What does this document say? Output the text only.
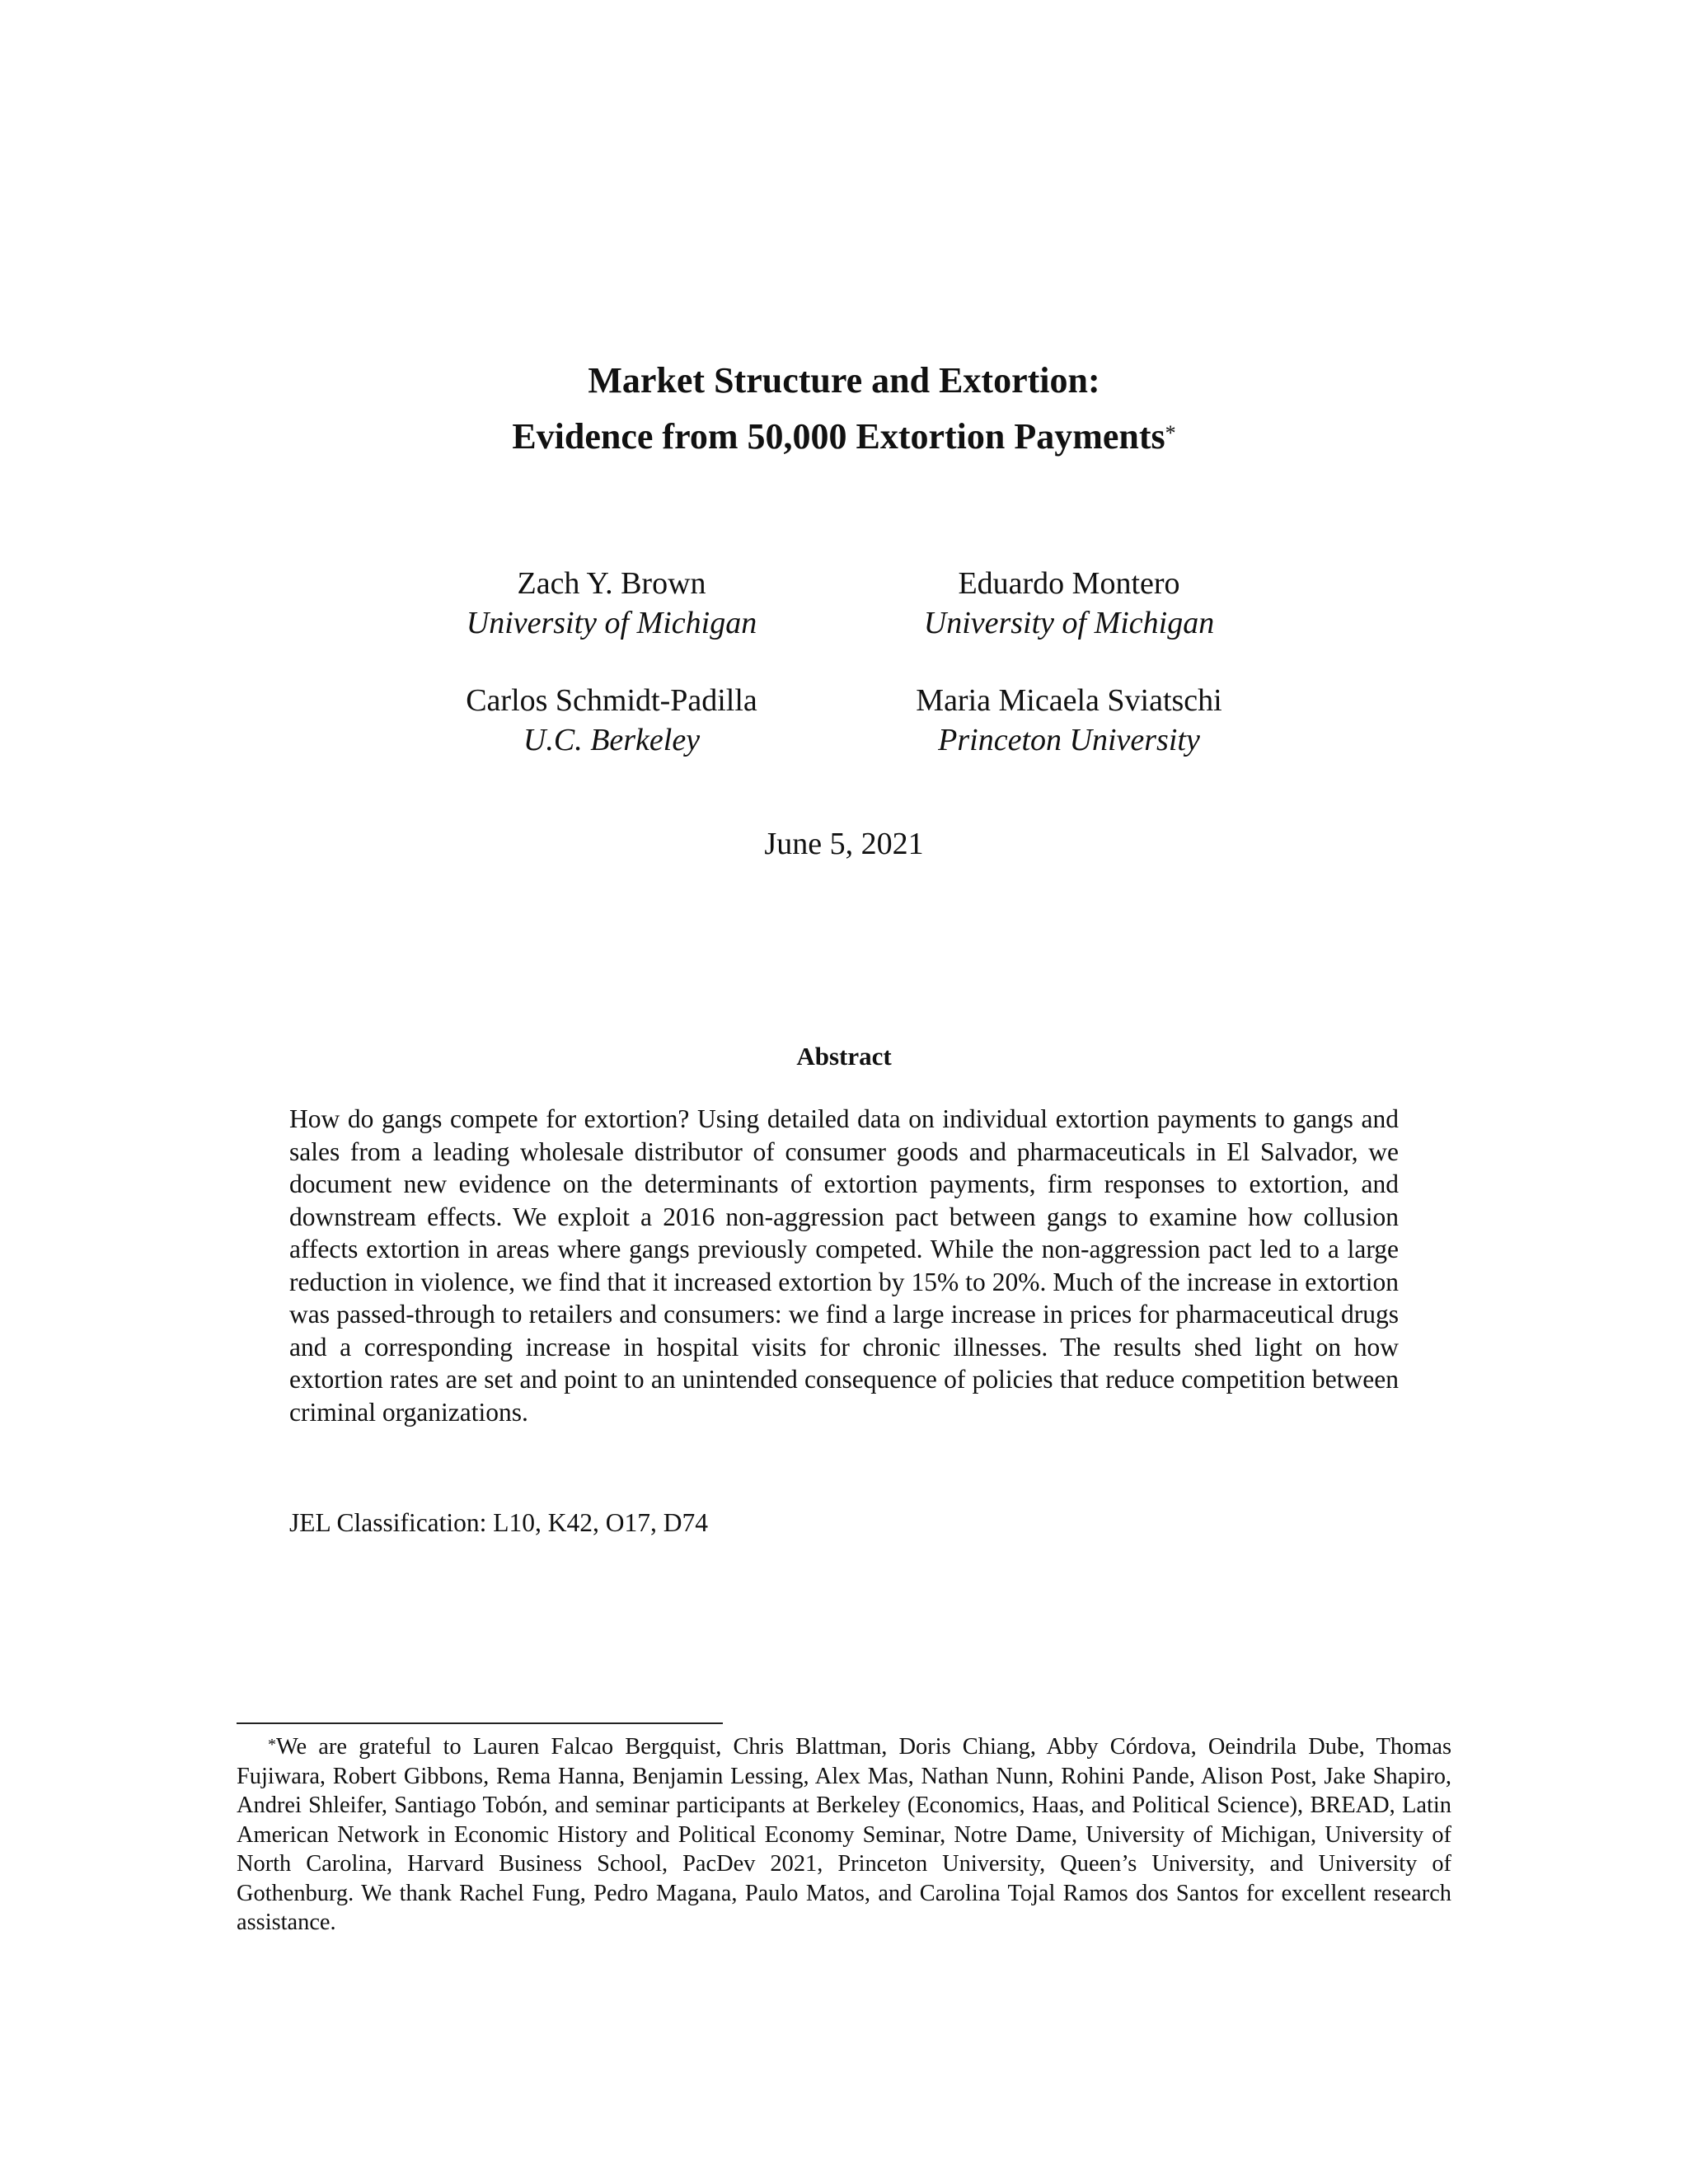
Market Structure and Extortion:
Evidence from 50,000 Extortion Payments*
Zach Y. Brown
University of Michigan
Eduardo Montero
University of Michigan
Carlos Schmidt-Padilla
U.C. Berkeley
Maria Micaela Sviatschi
Princeton University
June 5, 2021
Abstract
How do gangs compete for extortion? Using detailed data on individual extortion payments to gangs and sales from a leading wholesale distributor of consumer goods and pharmaceuticals in El Salvador, we document new evidence on the determinants of extortion payments, firm responses to extortion, and downstream effects. We exploit a 2016 non-aggression pact between gangs to examine how collusion affects extortion in areas where gangs previously competed. While the non-aggression pact led to a large reduction in violence, we find that it increased extortion by 15% to 20%. Much of the increase in extortion was passed-through to retailers and consumers: we find a large increase in prices for pharmaceutical drugs and a corresponding increase in hospital visits for chronic illnesses. The results shed light on how extortion rates are set and point to an unintended consequence of policies that reduce competition between criminal organizations.
JEL Classification: L10, K42, O17, D74
*We are grateful to Lauren Falcao Bergquist, Chris Blattman, Doris Chiang, Abby Córdova, Oeindrila Dube, Thomas Fujiwara, Robert Gibbons, Rema Hanna, Benjamin Lessing, Alex Mas, Nathan Nunn, Rohini Pande, Alison Post, Jake Shapiro, Andrei Shleifer, Santiago Tobón, and seminar participants at Berkeley (Economics, Haas, and Political Science), BREAD, Latin American Network in Economic History and Political Economy Seminar, Notre Dame, University of Michigan, University of North Carolina, Harvard Business School, PacDev 2021, Princeton University, Queen’s University, and University of Gothenburg. We thank Rachel Fung, Pedro Magana, Paulo Matos, and Carolina Tojal Ramos dos Santos for excellent research assistance.
